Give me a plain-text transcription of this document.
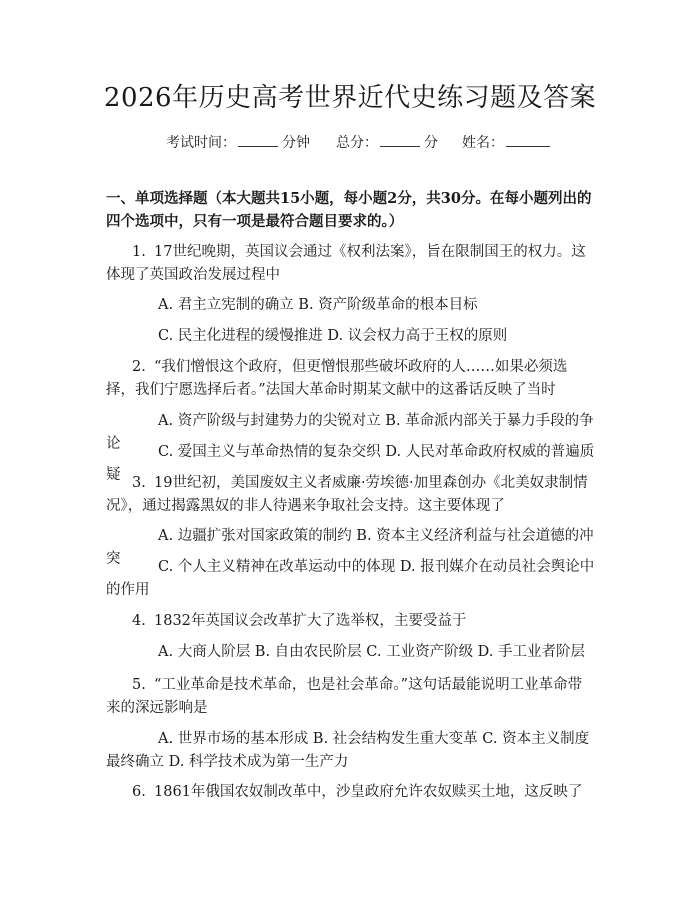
2026年历史高考世界近代史练习题及答案
考试时间：	分钟 总分：	分 姓名：

一、单项选择题（本大题共15小题，每小题2分，共30分。在每小题列出的四个选项中，只有一项是最符合题目要求的。）

1. 17世纪晚期，英国议会通过《权利法案》，旨在限制国王的权力。这体现了英国政治发展过程中

A. 君主立宪制的确立 B. 资产阶级革命的根本目标

C. 民主化进程的缓慢推进 D. 议会权力高于王权的原则

2. “我们憎恨这个政府，但更憎恨那些破坏政府的人……如果必须选择，我们宁愿选择后者。”法国大革命时期某文献中的这番话反映了当时

A. 资产阶级与封建势力的尖锐对立 B. 革命派内部关于暴力手段的争论	C. 爱国主义与革命热情的复杂交织 D. 人民对革命政府权威的普遍质疑 3. 19世纪初，美国废奴主义者威廉·劳埃德·加里森创办《北美奴隶制情况》，通过揭露黑奴的非人待遇来争取社会支持。这主要体现了

A. 边疆扩张对国家政策的制约 B. 资本主义经济利益与社会道德的冲突	C. 个人主义精神在改革运动中的体现 D. 报刊媒介在动员社会舆论中的作用

4. 1832年英国议会改革扩大了选举权，主要受益于

A. 大商人阶层 B. 自由农民阶层 C. 工业资产阶级 D. 手工业者阶层

5. “工业革命是技术革命，也是社会革命。”这句话最能说明工业革命带来的深远影响是

A. 世界市场的基本形成 B. 社会结构发生重大变革 C. 资本主义制度最终确立 D. 科学技术成为第一生产力

6. 1861年俄国农奴制改革中，沙皇政府允许农奴赎买土地，这反映了
